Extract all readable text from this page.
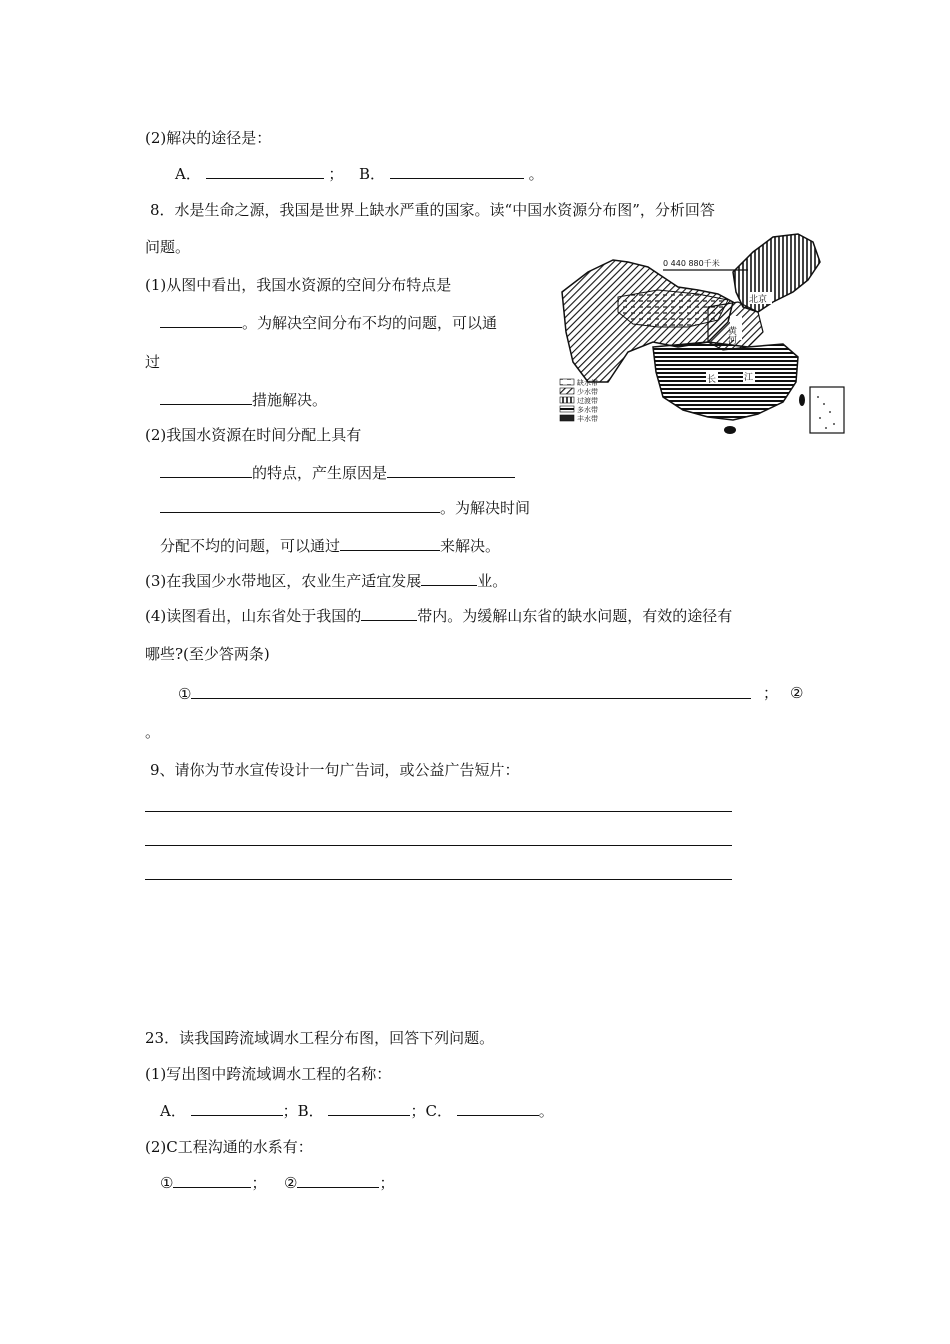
(2)解决的途径是：
A．	； B．	。
8．水是生命之源，我国是世界上缺水严重的国家。读“中国水资源分布图”，分析回答
问题。
(1)从图中看出，我国水资源的空间分布特点是
。为解决空间分布不均的问题，可以通
过
措施解决。
(2)我国水资源在时间分配上具有
的特点，产生原因是
。为解决时间
分配不均的问题，可以通过	来解决。
(3)在我国少水带地区，农业生产适宜发展	业。
(4)读图看出，山东省处于我国的	带内。为缓解山东省的缺水问题，有效的途径有
哪些?(至少答两条)
①	； ②
。
0 440 880千米
北京
黄河
长	江
缺水带
少水带
过渡带
多水带
丰水带
9、请你为节水宣传设计一句广告词，或公益广告短片：
23．读我国跨流域调水工程分布图，回答下列问题。
(1)写出图中跨流域调水工程的名称：
A．	；B．	；C．	。
(2)C工程沟通的水系有：
①	； ②	；
